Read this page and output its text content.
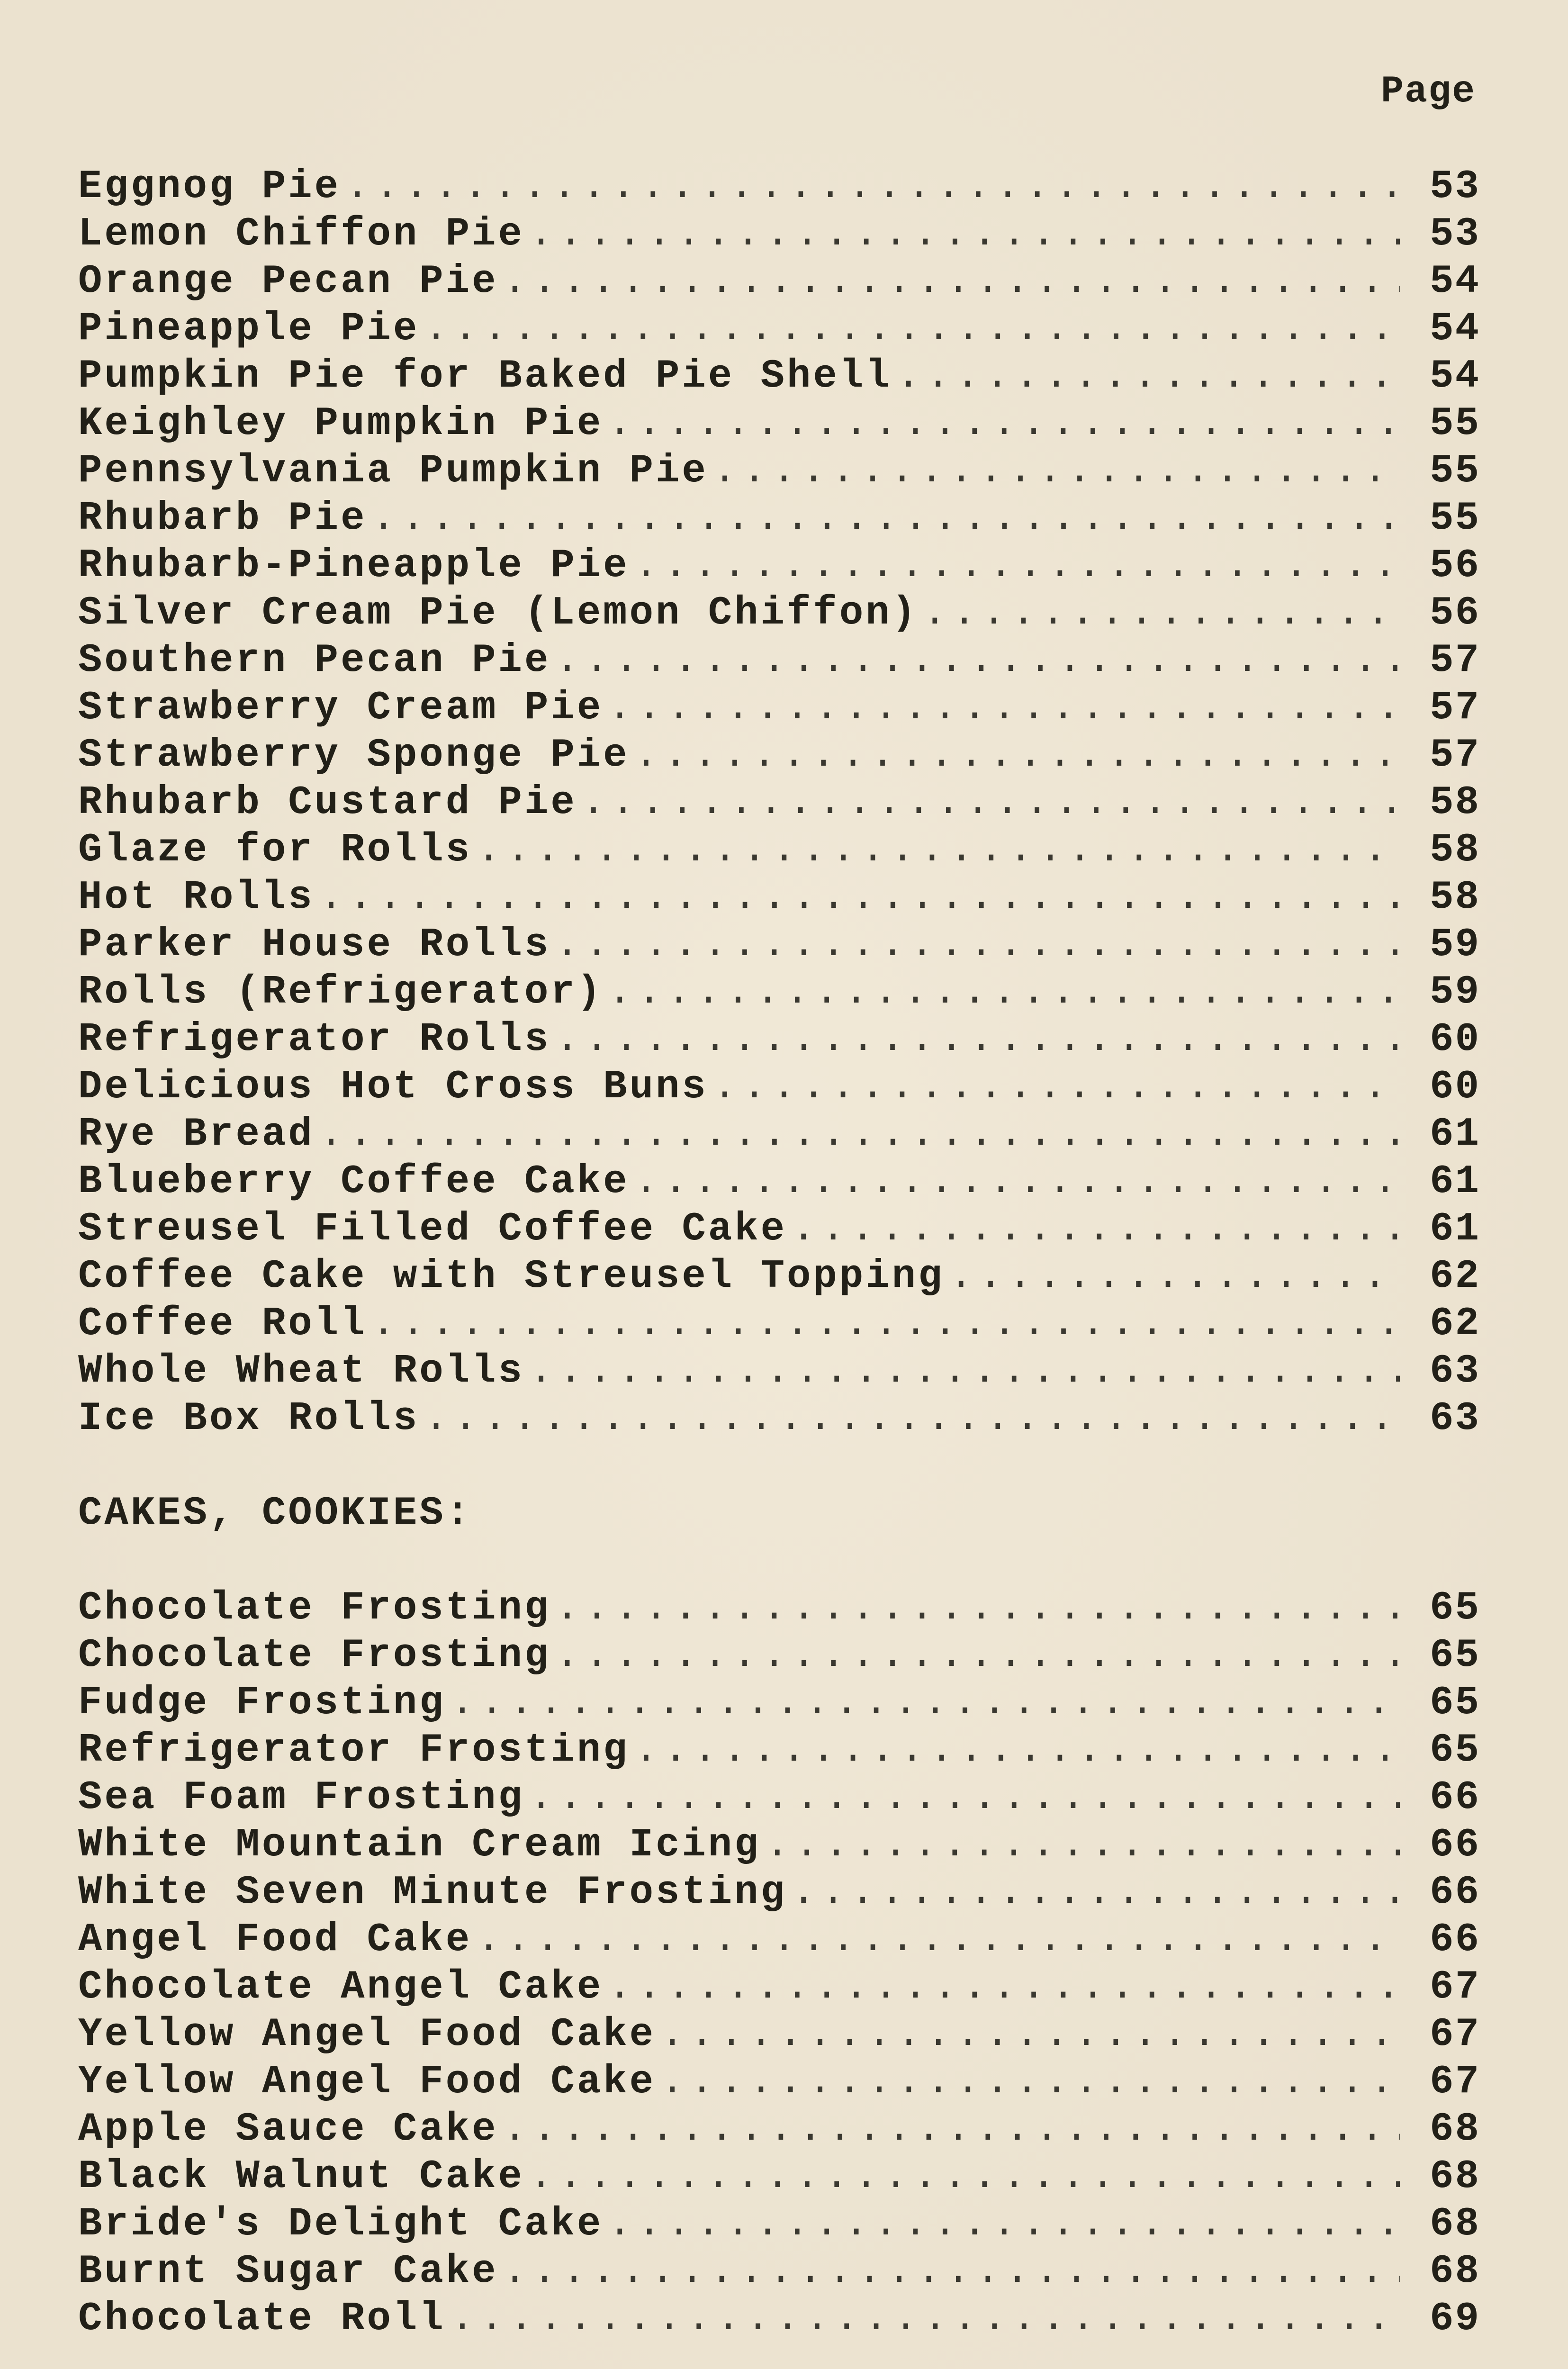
Page
Eggnog Pie .....	53
Lemon Chiffon Pie .....	53
Orange Pecan Pie .....	54
Pineapple Pie .....	54
Pumpkin Pie for Baked Pie Shell .....	54
Keighley Pumpkin Pie .....	55
Pennsylvania Pumpkin Pie .....	55
Rhubarb Pie .....	55
Rhubarb-Pineapple Pie .....	56
Silver Cream Pie (Lemon Chiffon) .....	56
Southern Pecan Pie .....	57
Strawberry Cream Pie .....	57
Strawberry Sponge Pie .....	57
Rhubarb Custard Pie .....	58
Glaze for Rolls .....	58
Hot Rolls .....	58
Parker House Rolls .....	59
Rolls (Refrigerator) .....	59
Refrigerator Rolls .....	60
Delicious Hot Cross Buns .....	60
Rye Bread .....	61
Blueberry Coffee Cake .....	61
Streusel Filled Coffee Cake .....	61
Coffee Cake with Streusel Topping .....	62
Coffee Roll .....	62
Whole Wheat Rolls .....	63
Ice Box Rolls .....	63
CAKES, COOKIES:
Chocolate Frosting .....	65
Chocolate Frosting .....	65
Fudge Frosting .....	65
Refrigerator Frosting .....	65
Sea Foam Frosting .....	66
White Mountain Cream Icing .....	66
White Seven Minute Frosting .....	66
Angel Food Cake .....	66
Chocolate Angel Cake .....	67
Yellow Angel Food Cake .....	67
Yellow Angel Food Cake .....	67
Apple Sauce Cake .....	68
Black Walnut Cake .....	68
Bride's Delight Cake .....	68
Burnt Sugar Cake .....	68
Chocolate Roll .....	69
